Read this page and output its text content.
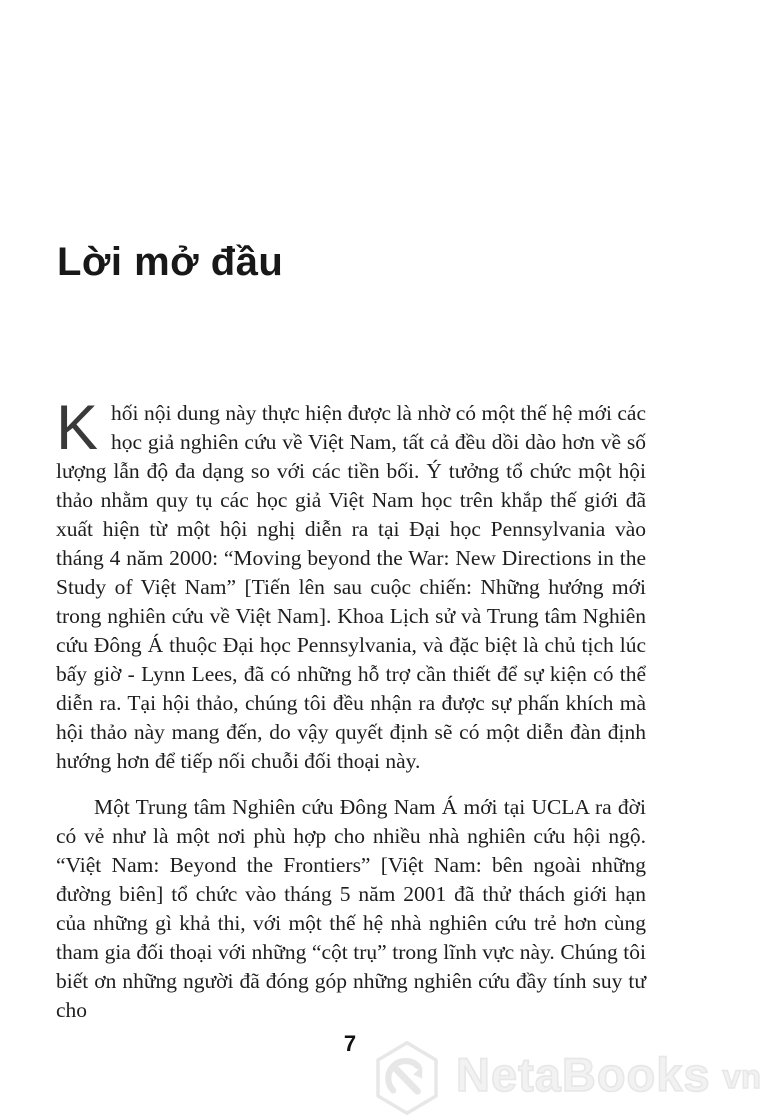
Lời mở đầu

Khối nội dung này thực hiện được là nhờ có một thế hệ mới các học giả nghiên cứu về Việt Nam, tất cả đều dồi dào hơn về số lượng lẫn độ đa dạng so với các tiền bối. Ý tưởng tổ chức một hội thảo nhằm quy tụ các học giả Việt Nam học trên khắp thế giới đã xuất hiện từ một hội nghị diễn ra tại Đại học Pennsylvania vào tháng 4 năm 2000: “Moving beyond the War: New Directions in the Study of Việt Nam” [Tiến lên sau cuộc chiến: Những hướng mới trong nghiên cứu về Việt Nam]. Khoa Lịch sử và Trung tâm Nghiên cứu Đông Á thuộc Đại học Pennsylvania, và đặc biệt là chủ tịch lúc bấy giờ - Lynn Lees, đã có những hỗ trợ cần thiết để sự kiện có thể diễn ra. Tại hội thảo, chúng tôi đều nhận ra được sự phấn khích mà hội thảo này mang đến, do vậy quyết định sẽ có một diễn đàn định hướng hơn để tiếp nối chuỗi đối thoại này.

Một Trung tâm Nghiên cứu Đông Nam Á mới tại UCLA ra đời có vẻ như là một nơi phù hợp cho nhiều nhà nghiên cứu hội ngộ. “Việt Nam: Beyond the Frontiers” [Việt Nam: bên ngoài những đường biên] tổ chức vào tháng 5 năm 2001 đã thử thách giới hạn của những gì khả thi, với một thế hệ nhà nghiên cứu trẻ hơn cùng tham gia đối thoại với những “cột trụ” trong lĩnh vực này. Chúng tôi biết ơn những người đã đóng góp những nghiên cứu đầy tính suy tư cho

7
NetaBooks vn
